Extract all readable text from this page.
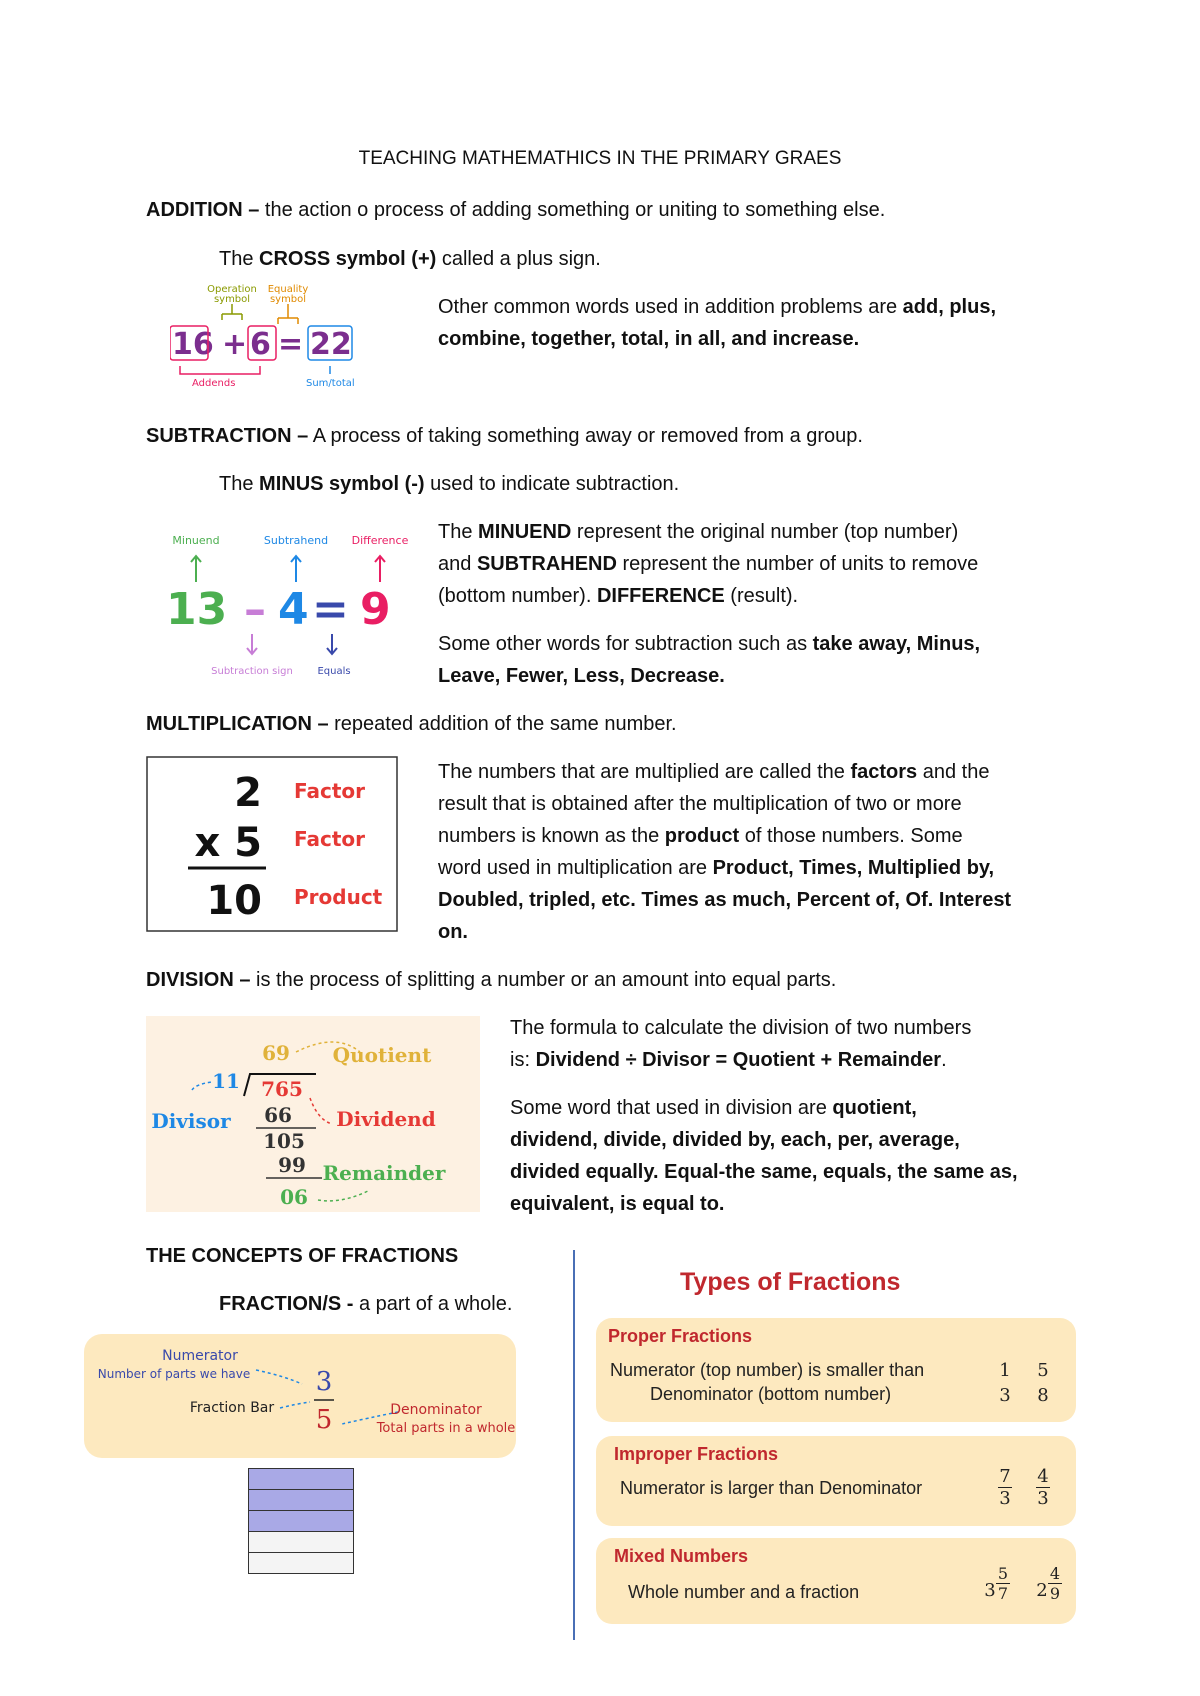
TEACHING MATHEMATHICS IN THE PRIMARY GRAES

ADDITION – the action o process of adding something or uniting to something else.

The CROSS symbol (+) called a plus sign.

Other common words used in addition problems are add, plus,

combine, together, total, in all, and increase.

Operation symbol
Equality symbol
16 + 6 = 22
Addends	Sum/total

SUBTRACTION – A process of taking something away or removed from a group.

The MINUS symbol (-) used to indicate subtraction.

The MINUEND represent the original number (top number)

and SUBTRAHEND represent the number of units to remove

(bottom number). DIFFERENCE (result).

Some other words for subtraction such as take away, Minus,

Leave, Fewer, Less, Decrease.

Minuend	Subtrahend Difference
13 – 4 = 9
Subtraction sign Equals

MULTIPLICATION – repeated addition of the same number.

The numbers that are multiplied are called the factors and the

result that is obtained after the multiplication of two or more

numbers is known as the product of those numbers. Some

word used in multiplication are Product, Times, Multiplied by,

Doubled, tripled, etc. Times as much, Percent of, Of. Interest

on.

2 Factor
x 5 Factor
10 Product

DIVISION – is the process of splitting a number or an amount into equal parts.

The formula to calculate the division of two numbers

is: Dividend ÷ Divisor = Quotient + Remainder.

Some word that used in division are quotient,

dividend, divide, divided by, each, per, average,

divided equally. Equal-the same, equals, the same as,

equivalent, is equal to.

69 Quotient
11
Divisor
765
Dividend
66
105
99 Remainder
06

THE CONCEPTS OF FRACTIONS

FRACTION/S - a part of a whole.

Numerator
Number of parts we have	3
Fraction Bar 5	Denominator
Total parts in a whole
Types of Fractions
Proper Fractions
Numerator (top number) is smaller than
Denominator (bottom number)
1
3
5
8
Improper Fractions
Numerator is larger than Denominator	$\frac{7}{3} \frac{4}{3}$
Mixed Numbers
Whole number and a fraction	$3 \frac{5}{7} 2 \frac{4}{9}$
